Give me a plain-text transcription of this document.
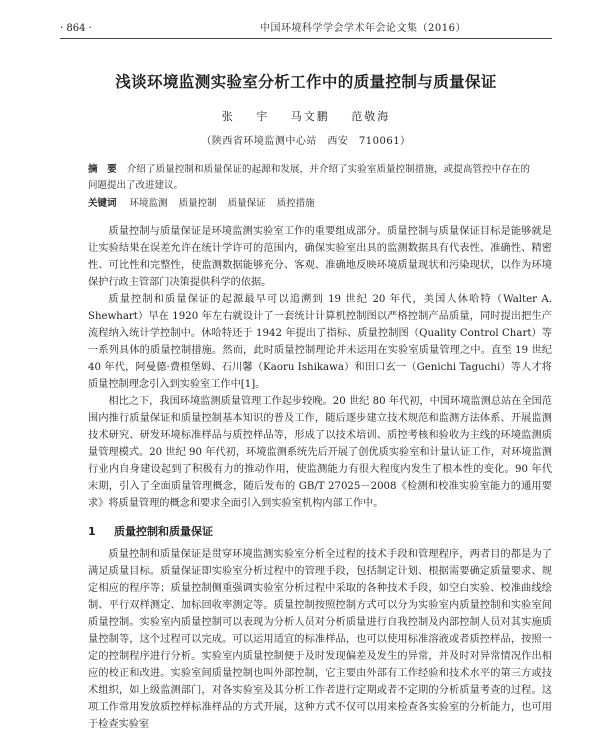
· 864 ·	中国环境科学学会学术年会论文集（2016）
浅谈环境监测实验室分析工作中的质量控制与质量保证
张 宇 马文鹏 范敬海
（陕西省环境监测中心站　西安　710061）

摘　要 介绍了质量控制和质量保证的起源和发展，并介绍了实验室质量控制措施，或提高管控中存在的问题提出了改进建议。

关键词 环境监测 质量控制 质量保证 质控措施

质量控制与质量保证是环境监测实验室工作的重要组成部分。质量控制与质量保证目标是能够就是让实验结果在误差允许在统计学许可的范围内，确保实验室出具的监测数据具有代表性、准确性、精密性、可比性和完整性，使监测数据能够充分、客观、准确地反映环境质量现状和污染现状，以作为环境保护行政主管部门决策提供科学的依据。

质量控制和质量保证的起源最早可以追溯到 19 世纪 20 年代，美国人休哈特（Walter A. Shewhart）早在 1920 年左右就设计了一套统计计算机控制图以严格控制产品质量，同时提出把生产流程纳入统计学控制中。休哈特还于 1942 年提出了指标、质量控制图（Quality Control Chart）等一系列具体的质量控制措施。然而，此时质量控制理论并未运用在实验室质量管理之中。直至 19 世纪 40 年代，阿曼德·费根堡姆、石川馨（Kaoru Ishikawa）和田口玄一（Genichi Taguchi）等人才将质量控制理念引入到实验室工作中[1]。

相比之下，我国环境监测质量管理工作起步较晚。20 世纪 80 年代初，中国环境监测总站在全国范围内推行质量保证和质量控制基本知识的普及工作，随后逐步建立技术规范和监测方法体系、开展监测技术研究、研发环境标准样品与质控样品等，形成了以技术培训、质控考核和验收为主线的环境监测质量管理模式。20 世纪 90 年代初，环境监测系统先后开展了创优质实验室和计量认证工作，对环境监测行业内自身建设起到了积极有力的推动作用，使监测能力有很大程度内发生了根本性的变化。90 年代末期，引入了全面质量管理概念，随后发布的 GB/T 27025－2008《检测和校准实验室能力的通用要求》将质量管理的概念和要求全面引入到实验室机构内部工作中。

1 质量控制和质量保证

质量控制和质量保证是贯穿环境监测实验室分析全过程的技术手段和管理程序，两者目的都是为了满足质量目标。质量保证即实验室分析过程中的管理手段，包括制定计划、根据需要确定质量要求、规定相应的程序等；质量控制侧重强调实验室分析过程中采取的各种技术手段，如空白实验、校准曲线绘制、平行双样测定、加标回收率测定等。质量控制按照控制方式可以分为实验室内质量控制和实验室间质量控制。实验室内质量控制可以表现为分析人员对分析质量进行自我控制及内部控制人员对其实施质量控制等，这个过程可以完成。可以运用适宜的标准样品，也可以使用标准溶液或者质控样品，按照一定的控制程序进行分析。实验室内质量控制便于及时发现偏差及发生的异常，并及时对异常情况作出相应的校正和改进。实验室间质量控制也叫外部控制，它主要由外部有工作经验和技术水平的第三方或技术组织，如上级监测部门，对各实验室及其分析工作者进行定期或者不定期的分析质量考查的过程。这项工作常用发放质控样标准样品的方式开展，这种方式不仅可以用来检查各实验室的分析能力，也可用于检查实验室
